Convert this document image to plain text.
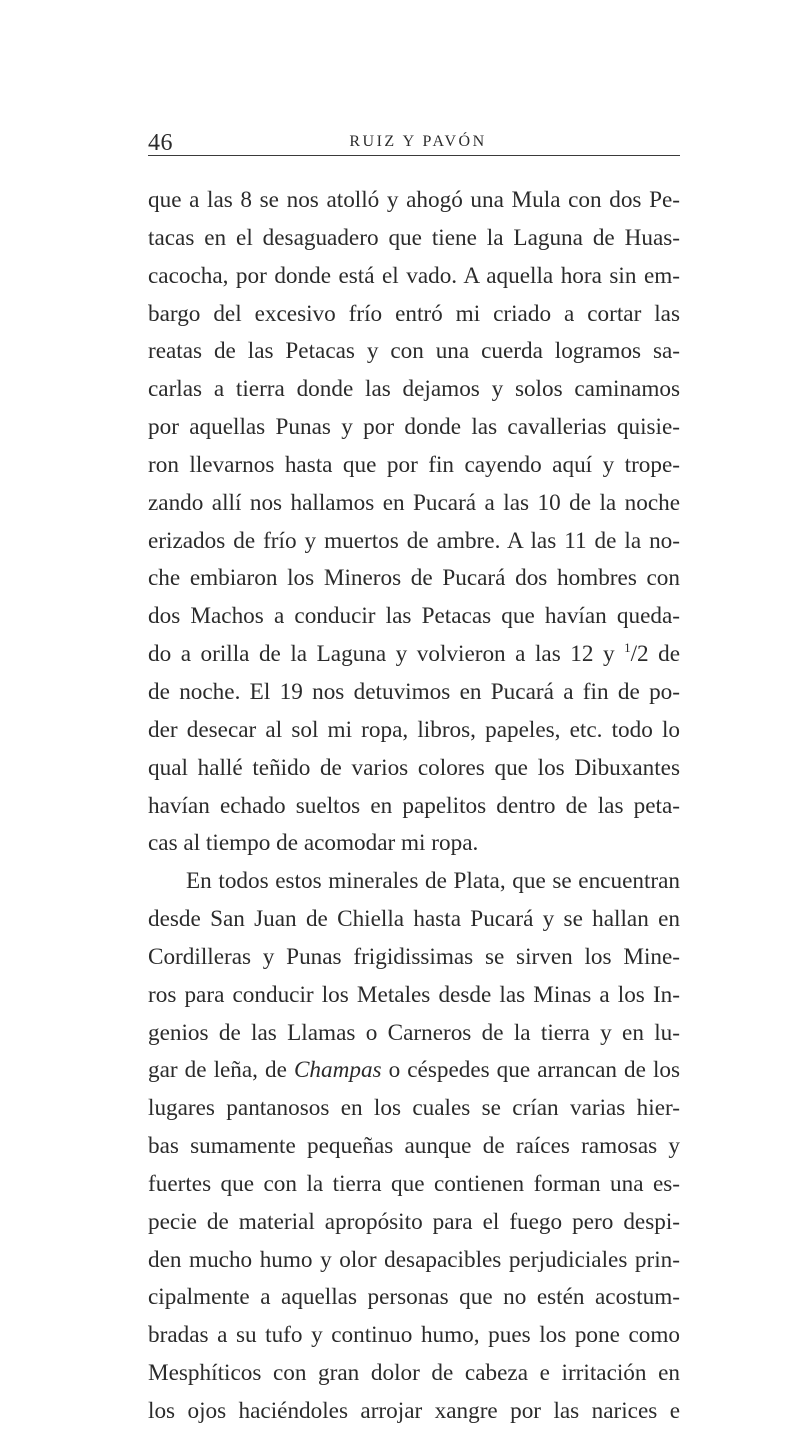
46	RUIZ Y PAVÓN
que a las 8 se nos atolló y ahogó una Mula con dos Pe-
tacas en el desaguadero que tiene la Laguna de Huas-
cacocha, por donde está el vado. A aquella hora sin em-
bargo del excesivo frío entró mi criado a cortar las
reatas de las Petacas y con una cuerda logramos sa-
carlas a tierra donde las dejamos y solos caminamos
por aquellas Punas y por donde las cavallerias quisie-
ron llevarnos hasta que por fin cayendo aquí y trope-
zando allí nos hallamos en Pucará a las 10 de la noche
erizados de frío y muertos de ambre. A las 11 de la no-
che embiaron los Mineros de Pucará dos hombres con
dos Machos a conducir las Petacas que havían queda-
do a orilla de la Laguna y volvieron a las 12 y $^1$/2 de
de noche. El 19 nos detuvimos en Pucará a fin de po-
der desecar al sol mi ropa, libros, papeles, etc. todo lo
qual hallé teñido de varios colores que los Dibuxantes
havían echado sueltos en papelitos dentro de las peta-
cas al tiempo de acomodar mi ropa.
En todos estos minerales de Plata, que se encuentran
desde San Juan de Chiella hasta Pucará y se hallan en
Cordilleras y Punas frigidissimas se sirven los Mine-
ros para conducir los Metales desde las Minas a los In-
genios de las Llamas o Carneros de la tierra y en lu-
gar de leña, de Champas o céspedes que arrancan de los
lugares pantanosos en los cuales se crían varias hier-
bas sumamente pequeñas aunque de raíces ramosas y
fuertes que con la tierra que contienen forman una es-
pecie de material apropósito para el fuego pero despi-
den mucho humo y olor desapacibles perjudiciales prin-
cipalmente a aquellas personas que no estén acostum-
bradas a su tufo y continuo humo, pues los pone como
Mesphíticos con gran dolor de cabeza e irritación en
los ojos haciéndoles arrojar xangre por las narices e
